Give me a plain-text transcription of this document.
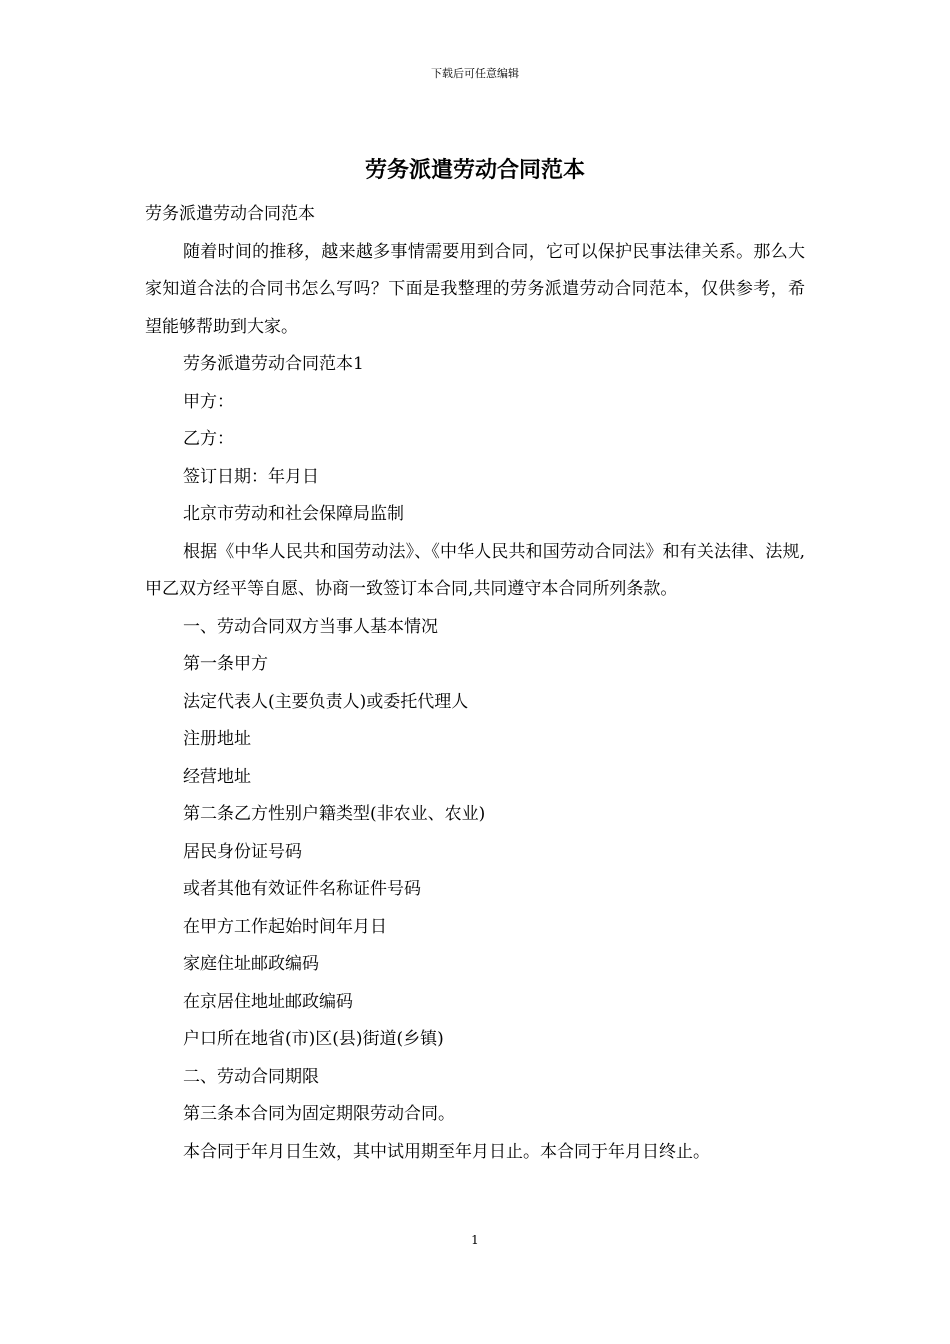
下载后可任意编辑
劳务派遣劳动合同范本

劳务派遣劳动合同范本

随着时间的推移，越来越多事情需要用到合同，它可以保护民事法律关系。那么大家知道合法的合同书怎么写吗？下面是我整理的劳务派遣劳动合同范本，仅供参考，希望能够帮助到大家。

劳务派遣劳动合同范本1

甲方：

乙方：

签订日期：年月日

北京市劳动和社会保障局监制

根据《中华人民共和国劳动法》、《中华人民共和国劳动合同法》和有关法律、法规,甲乙双方经平等自愿、协商一致签订本合同,共同遵守本合同所列条款。

一、劳动合同双方当事人基本情况

第一条甲方

法定代表人(主要负责人)或委托代理人

注册地址

经营地址

第二条乙方性别户籍类型(非农业、农业)

居民身份证号码

或者其他有效证件名称证件号码

在甲方工作起始时间年月日

家庭住址邮政编码

在京居住地址邮政编码

户口所在地省(市)区(县)街道(乡镇)

二、劳动合同期限

第三条本合同为固定期限劳动合同。

本合同于年月日生效，其中试用期至年月日止。本合同于年月日终止。

1
